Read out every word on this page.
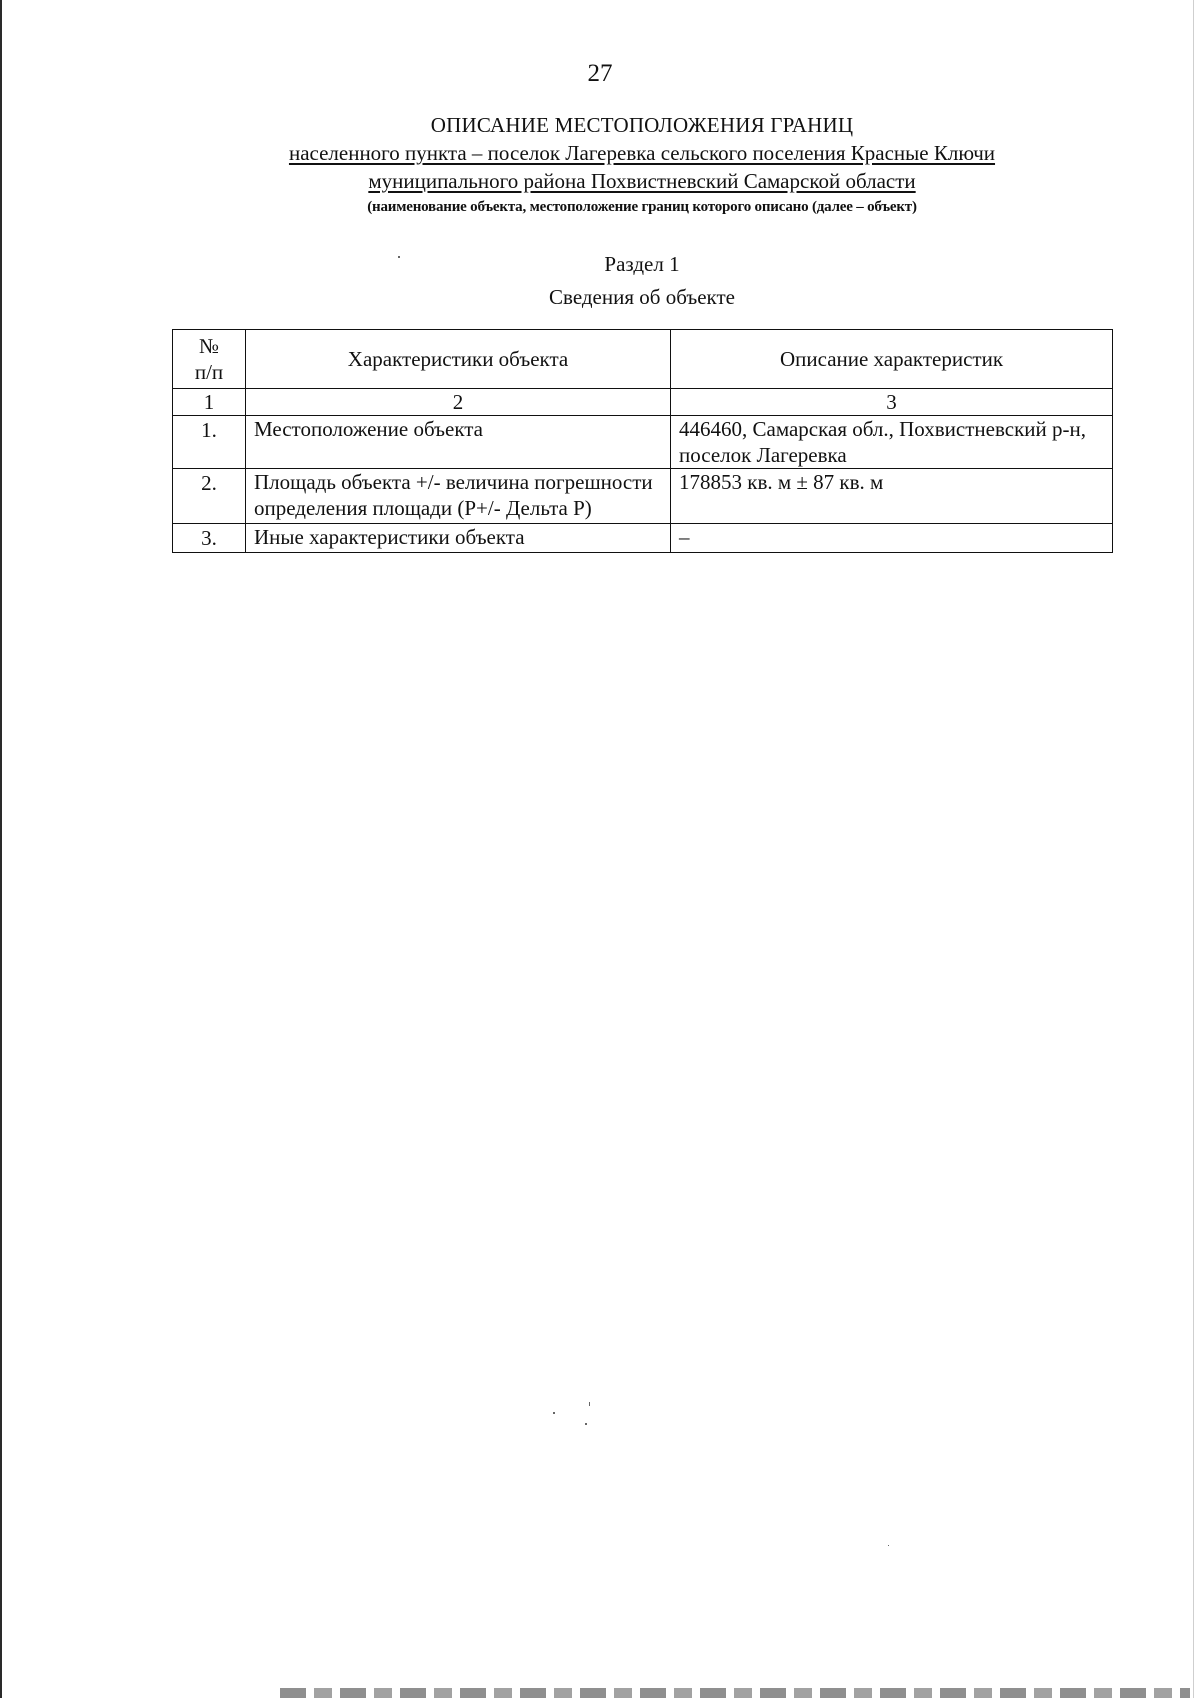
27
ОПИСАНИЕ МЕСТОПОЛОЖЕНИЯ ГРАНИЦ
населенного пункта – поселок Лагеревка сельского поселения Красные Ключи
муниципального района Похвистневский Самарской области
(наименование объекта, местоположение границ которого описано (далее – объект)
Раздел 1
Сведения об объекте
№ п/п	Характеристики объекта	Описание характеристик
1	2	3
1.	Местоположение объекта	446460, Самарская обл., Похвистневский р-н, поселок Лагеревка
2.	Площадь объекта +/- величина погрешности определения площади (P+/- Дельта P)	178853 кв. м ± 87 кв. м
3.	Иные характеристики объекта	–
